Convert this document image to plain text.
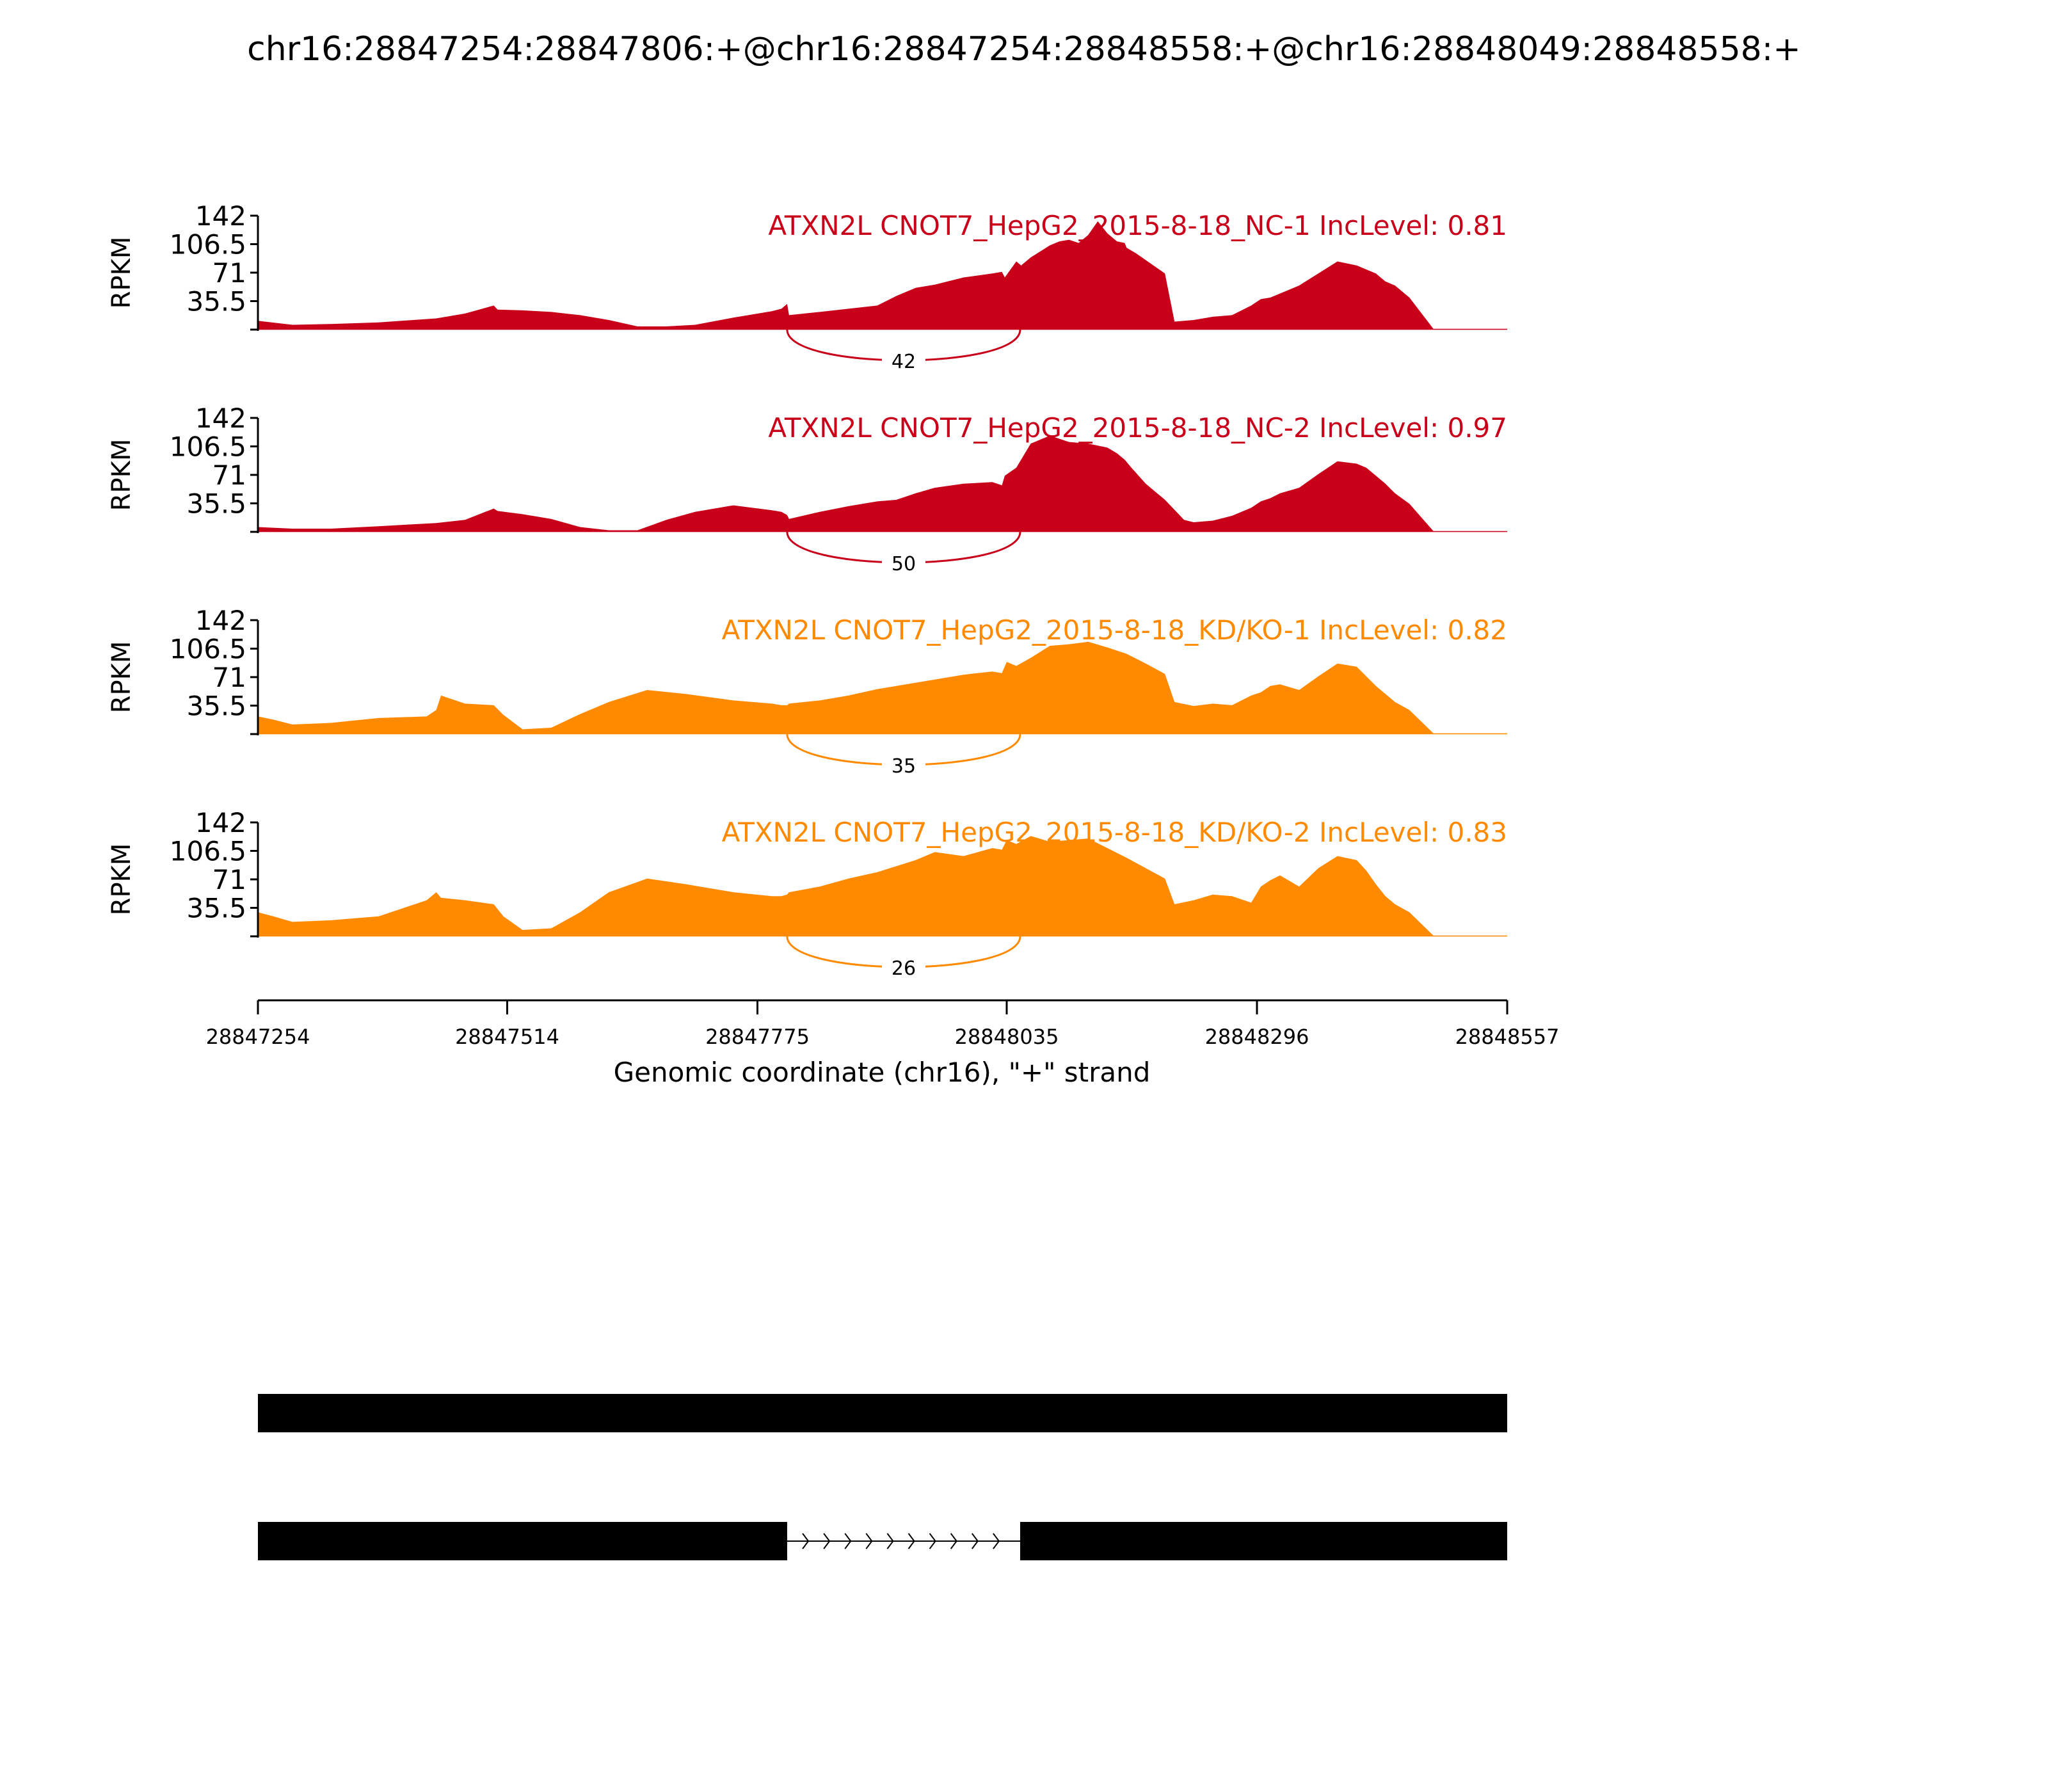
chr16:28847254:28847806:+@chr16:28847254:28848558:+@chr16:28848049:28848558:+
142
106.5
71
35.5
RPKM
ATXN2L CNOT7_HepG2_2015-8-18_NC-1 IncLevel: 0.81
42
142
106.5
71
35.5
RPKM
ATXN2L CNOT7_HepG2_2015-8-18_NC-2 IncLevel: 0.97
50
142
106.5
71
35.5
RPKM
ATXN2L CNOT7_HepG2_2015-8-18_KD/KO-1 IncLevel: 0.82
35
142
106.5
71
35.5
RPKM
ATXN2L CNOT7_HepG2_2015-8-18_KD/KO-2 IncLevel: 0.83
26
28847254	28847514	28847775	28848035	28848296	28848557
Genomic coordinate (chr16), "+" strand
